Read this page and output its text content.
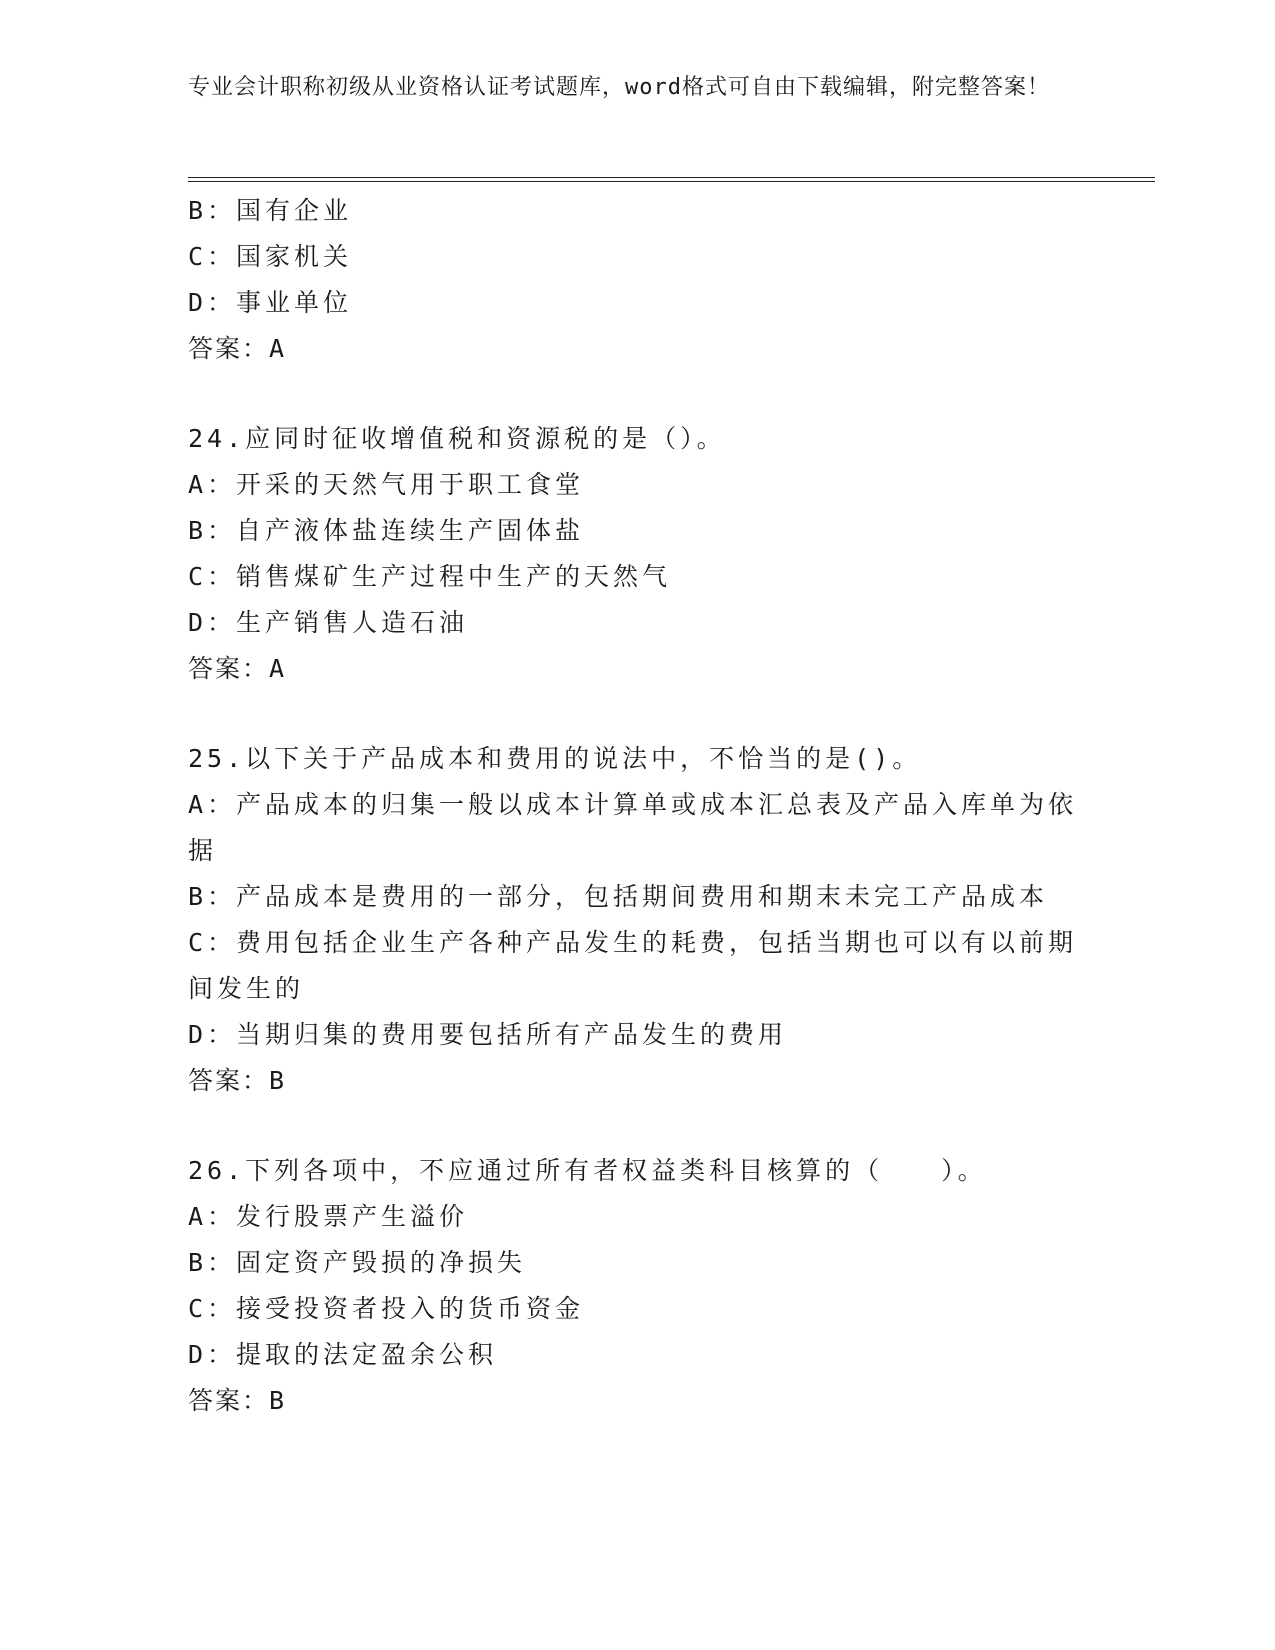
专业会计职称初级从业资格认证考试题库，word格式可自由下载编辑，附完整答案！
B：国有企业
C：国家机关
D：事业单位
答案：A
24.应同时征收增值税和资源税的是（）。
A：开采的天然气用于职工食堂
B：自产液体盐连续生产固体盐
C：销售煤矿生产过程中生产的天然气
D：生产销售人造石油
答案：A
25.以下关于产品成本和费用的说法中，不恰当的是()。
A：产品成本的归集一般以成本计算单或成本汇总表及产品入库单为依据
B：产品成本是费用的一部分，包括期间费用和期末未完工产品成本
C：费用包括企业生产各种产品发生的耗费，包括当期也可以有以前期间发生的
D：当期归集的费用要包括所有产品发生的费用
答案：B
26.下列各项中，不应通过所有者权益类科目核算的（　　）。
A：发行股票产生溢价
B：固定资产毁损的净损失
C：接受投资者投入的货币资金
D：提取的法定盈余公积
答案：B
